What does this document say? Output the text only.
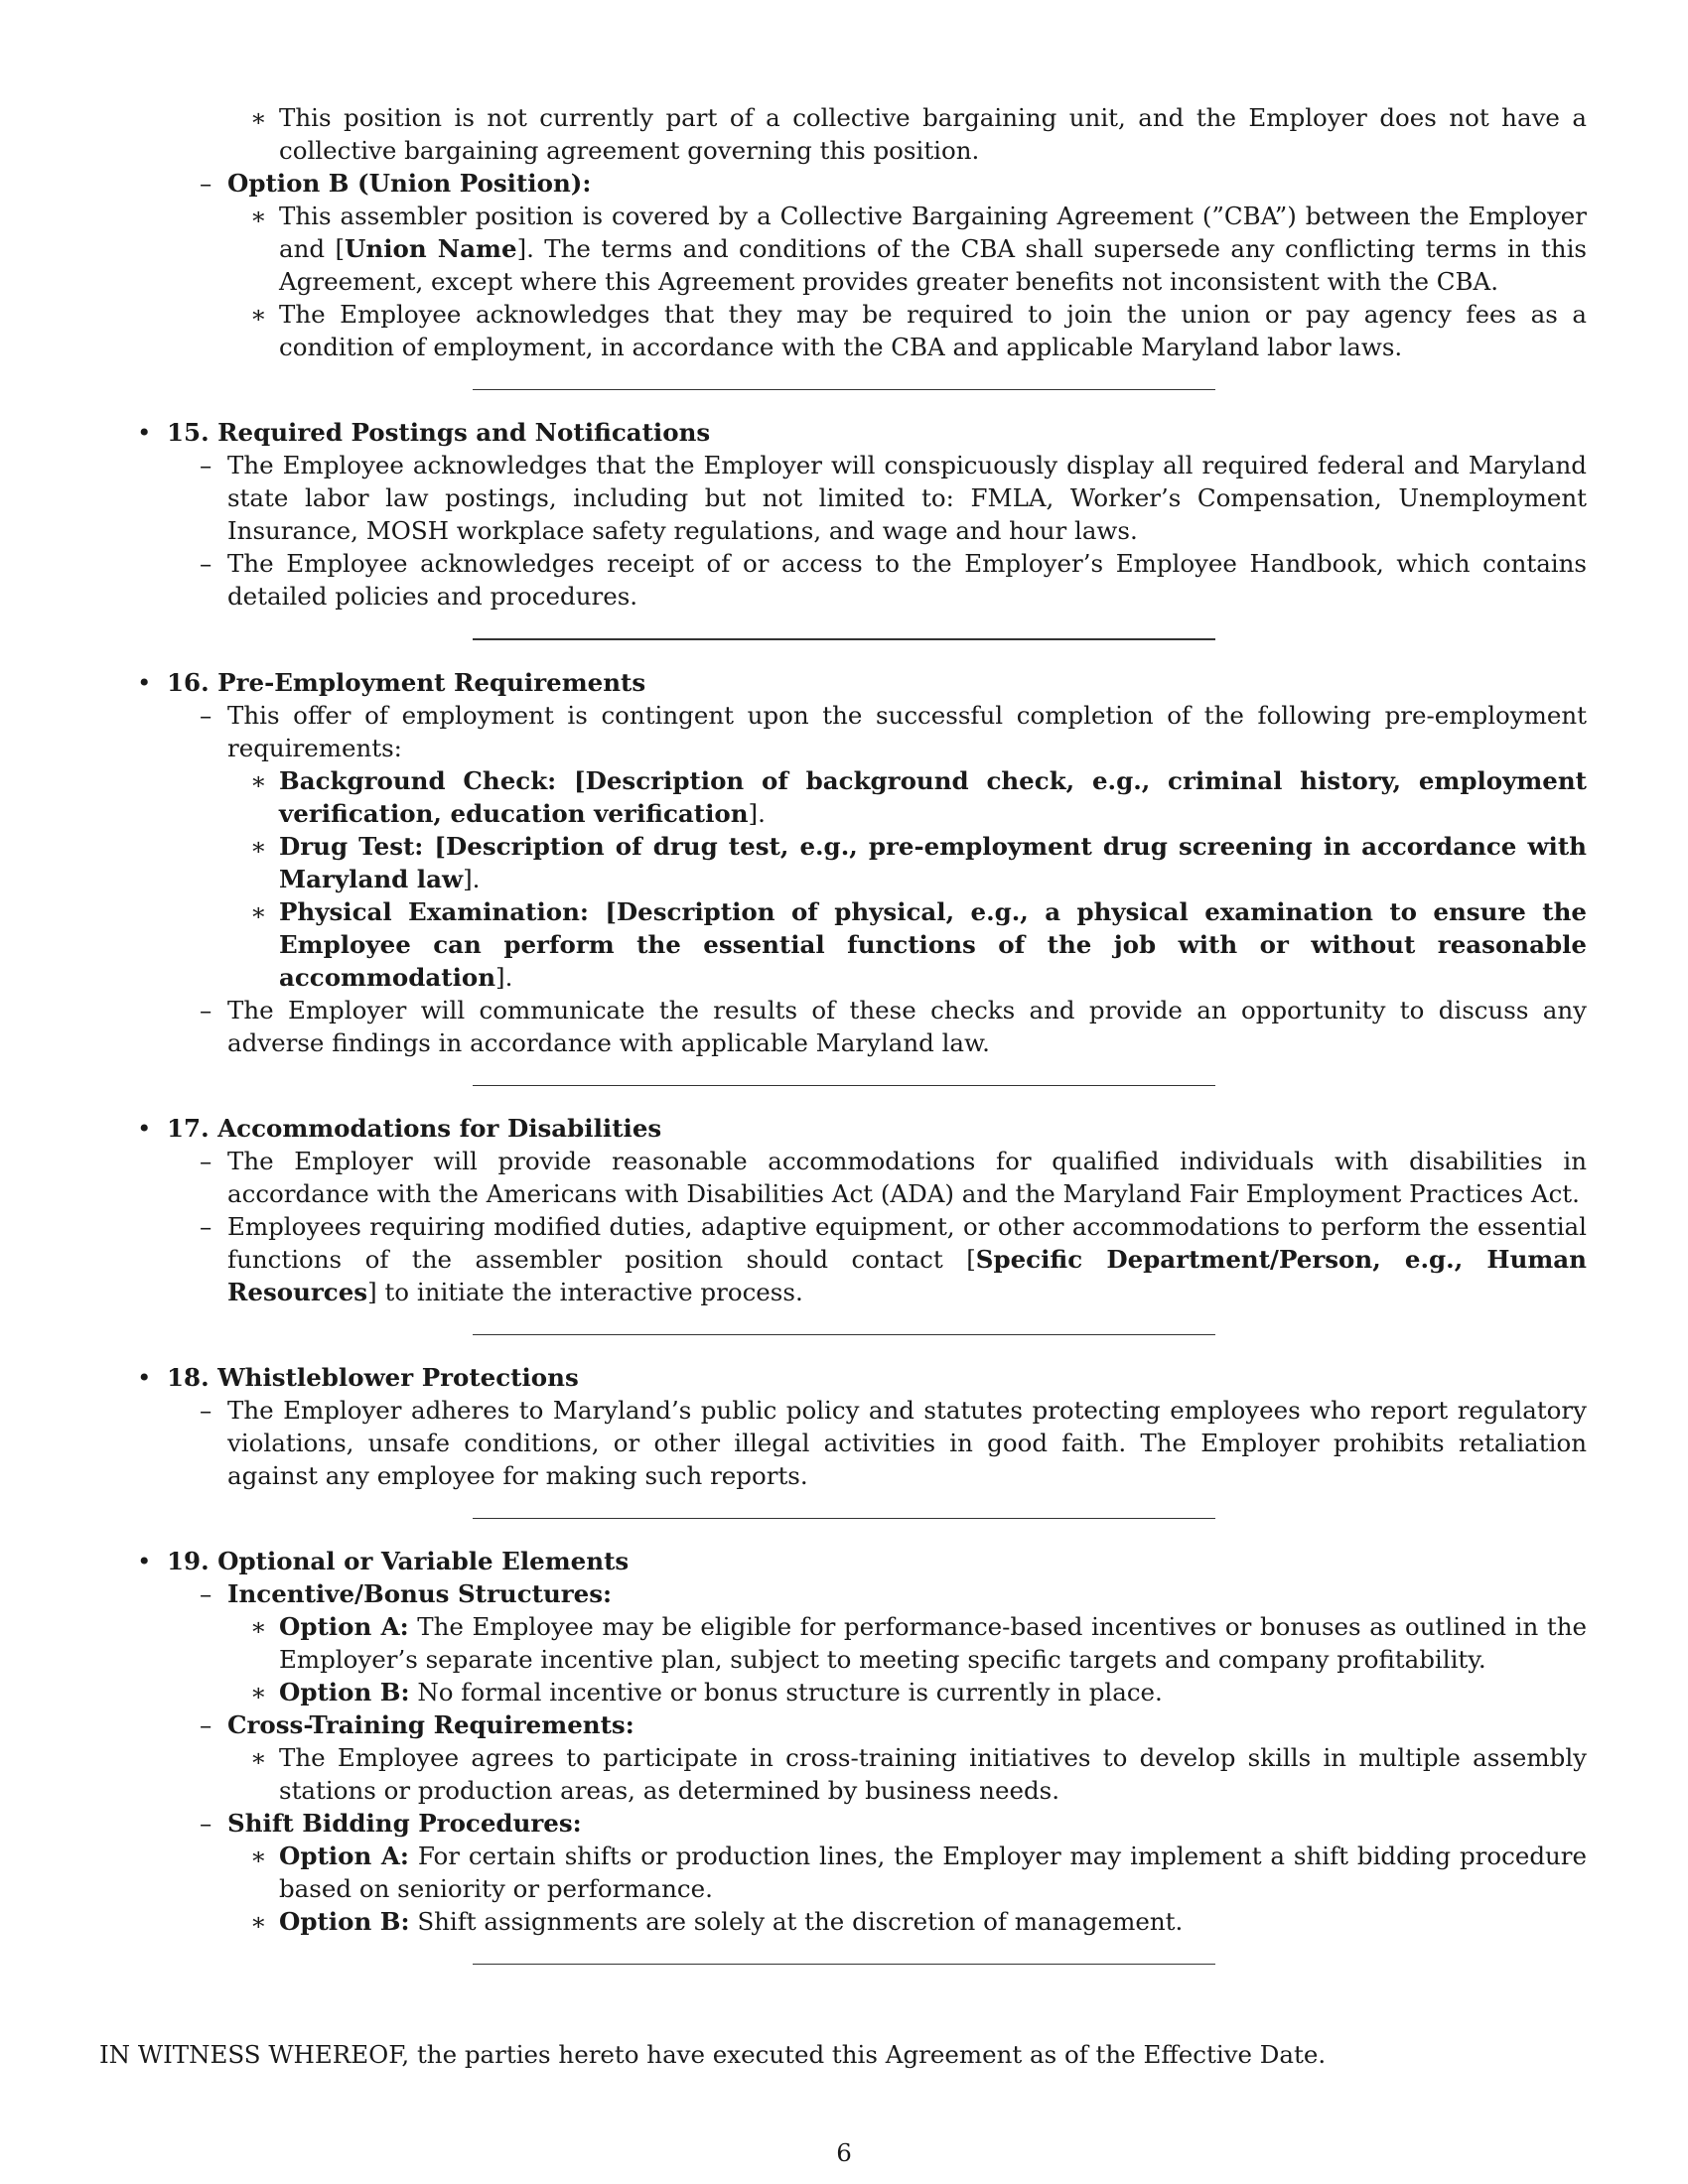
∗ This position is not currently part of a collective bargaining unit, and the Employer does not have a collective bargaining agreement governing this position.
– Option B (Union Position):
∗ This assembler position is covered by a Collective Bargaining Agreement (”CBA”) between the Employer and [Union Name]. The terms and conditions of the CBA shall supersede any conflicting terms in this Agreement, except where this Agreement provides greater benefits not inconsistent with the CBA.
∗ The Employee acknowledges that they may be required to join the union or pay agency fees as a condition of employment, in accordance with the CBA and applicable Maryland labor laws.
• 15. Required Postings and Notifications
– The Employee acknowledges that the Employer will conspicuously display all required federal and Maryland state labor law postings, including but not limited to: FMLA, Worker’s Compensation, Unemployment Insurance, MOSH workplace safety regulations, and wage and hour laws.
– The Employee acknowledges receipt of or access to the Employer’s Employee Handbook, which contains detailed policies and procedures.
• 16. Pre-Employment Requirements
– This offer of employment is contingent upon the successful completion of the following pre-employment requirements:
∗ Background Check: [Description of background check, e.g., criminal history, employment verification, education verification].
∗ Drug Test: [Description of drug test, e.g., pre-employment drug screening in accordance with Maryland law].
∗ Physical Examination: [Description of physical, e.g., a physical examination to ensure the Employee can perform the essential functions of the job with or without reasonable accommodation].
– The Employer will communicate the results of these checks and provide an opportunity to discuss any adverse findings in accordance with applicable Maryland law.
• 17. Accommodations for Disabilities
– The Employer will provide reasonable accommodations for qualified individuals with disabilities in accordance with the Americans with Disabilities Act (ADA) and the Maryland Fair Employment Practices Act.
– Employees requiring modified duties, adaptive equipment, or other accommodations to perform the essential functions of the assembler position should contact [Specific Department/Person, e.g., Human Resources] to initiate the interactive process.
• 18. Whistleblower Protections
– The Employer adheres to Maryland’s public policy and statutes protecting employees who report regulatory violations, unsafe conditions, or other illegal activities in good faith. The Employer prohibits retaliation against any employee for making such reports.
• 19. Optional or Variable Elements
– Incentive/Bonus Structures:
∗ Option A: The Employee may be eligible for performance-based incentives or bonuses as outlined in the Employer’s separate incentive plan, subject to meeting specific targets and company profitability.
∗ Option B: No formal incentive or bonus structure is currently in place.
– Cross-Training Requirements:
∗ The Employee agrees to participate in cross-training initiatives to develop skills in multiple assembly stations or production areas, as determined by business needs.
– Shift Bidding Procedures:
∗ Option A: For certain shifts or production lines, the Employer may implement a shift bidding procedure based on seniority or performance.
∗ Option B: Shift assignments are solely at the discretion of management.
IN WITNESS WHEREOF, the parties hereto have executed this Agreement as of the Effective Date.
6
